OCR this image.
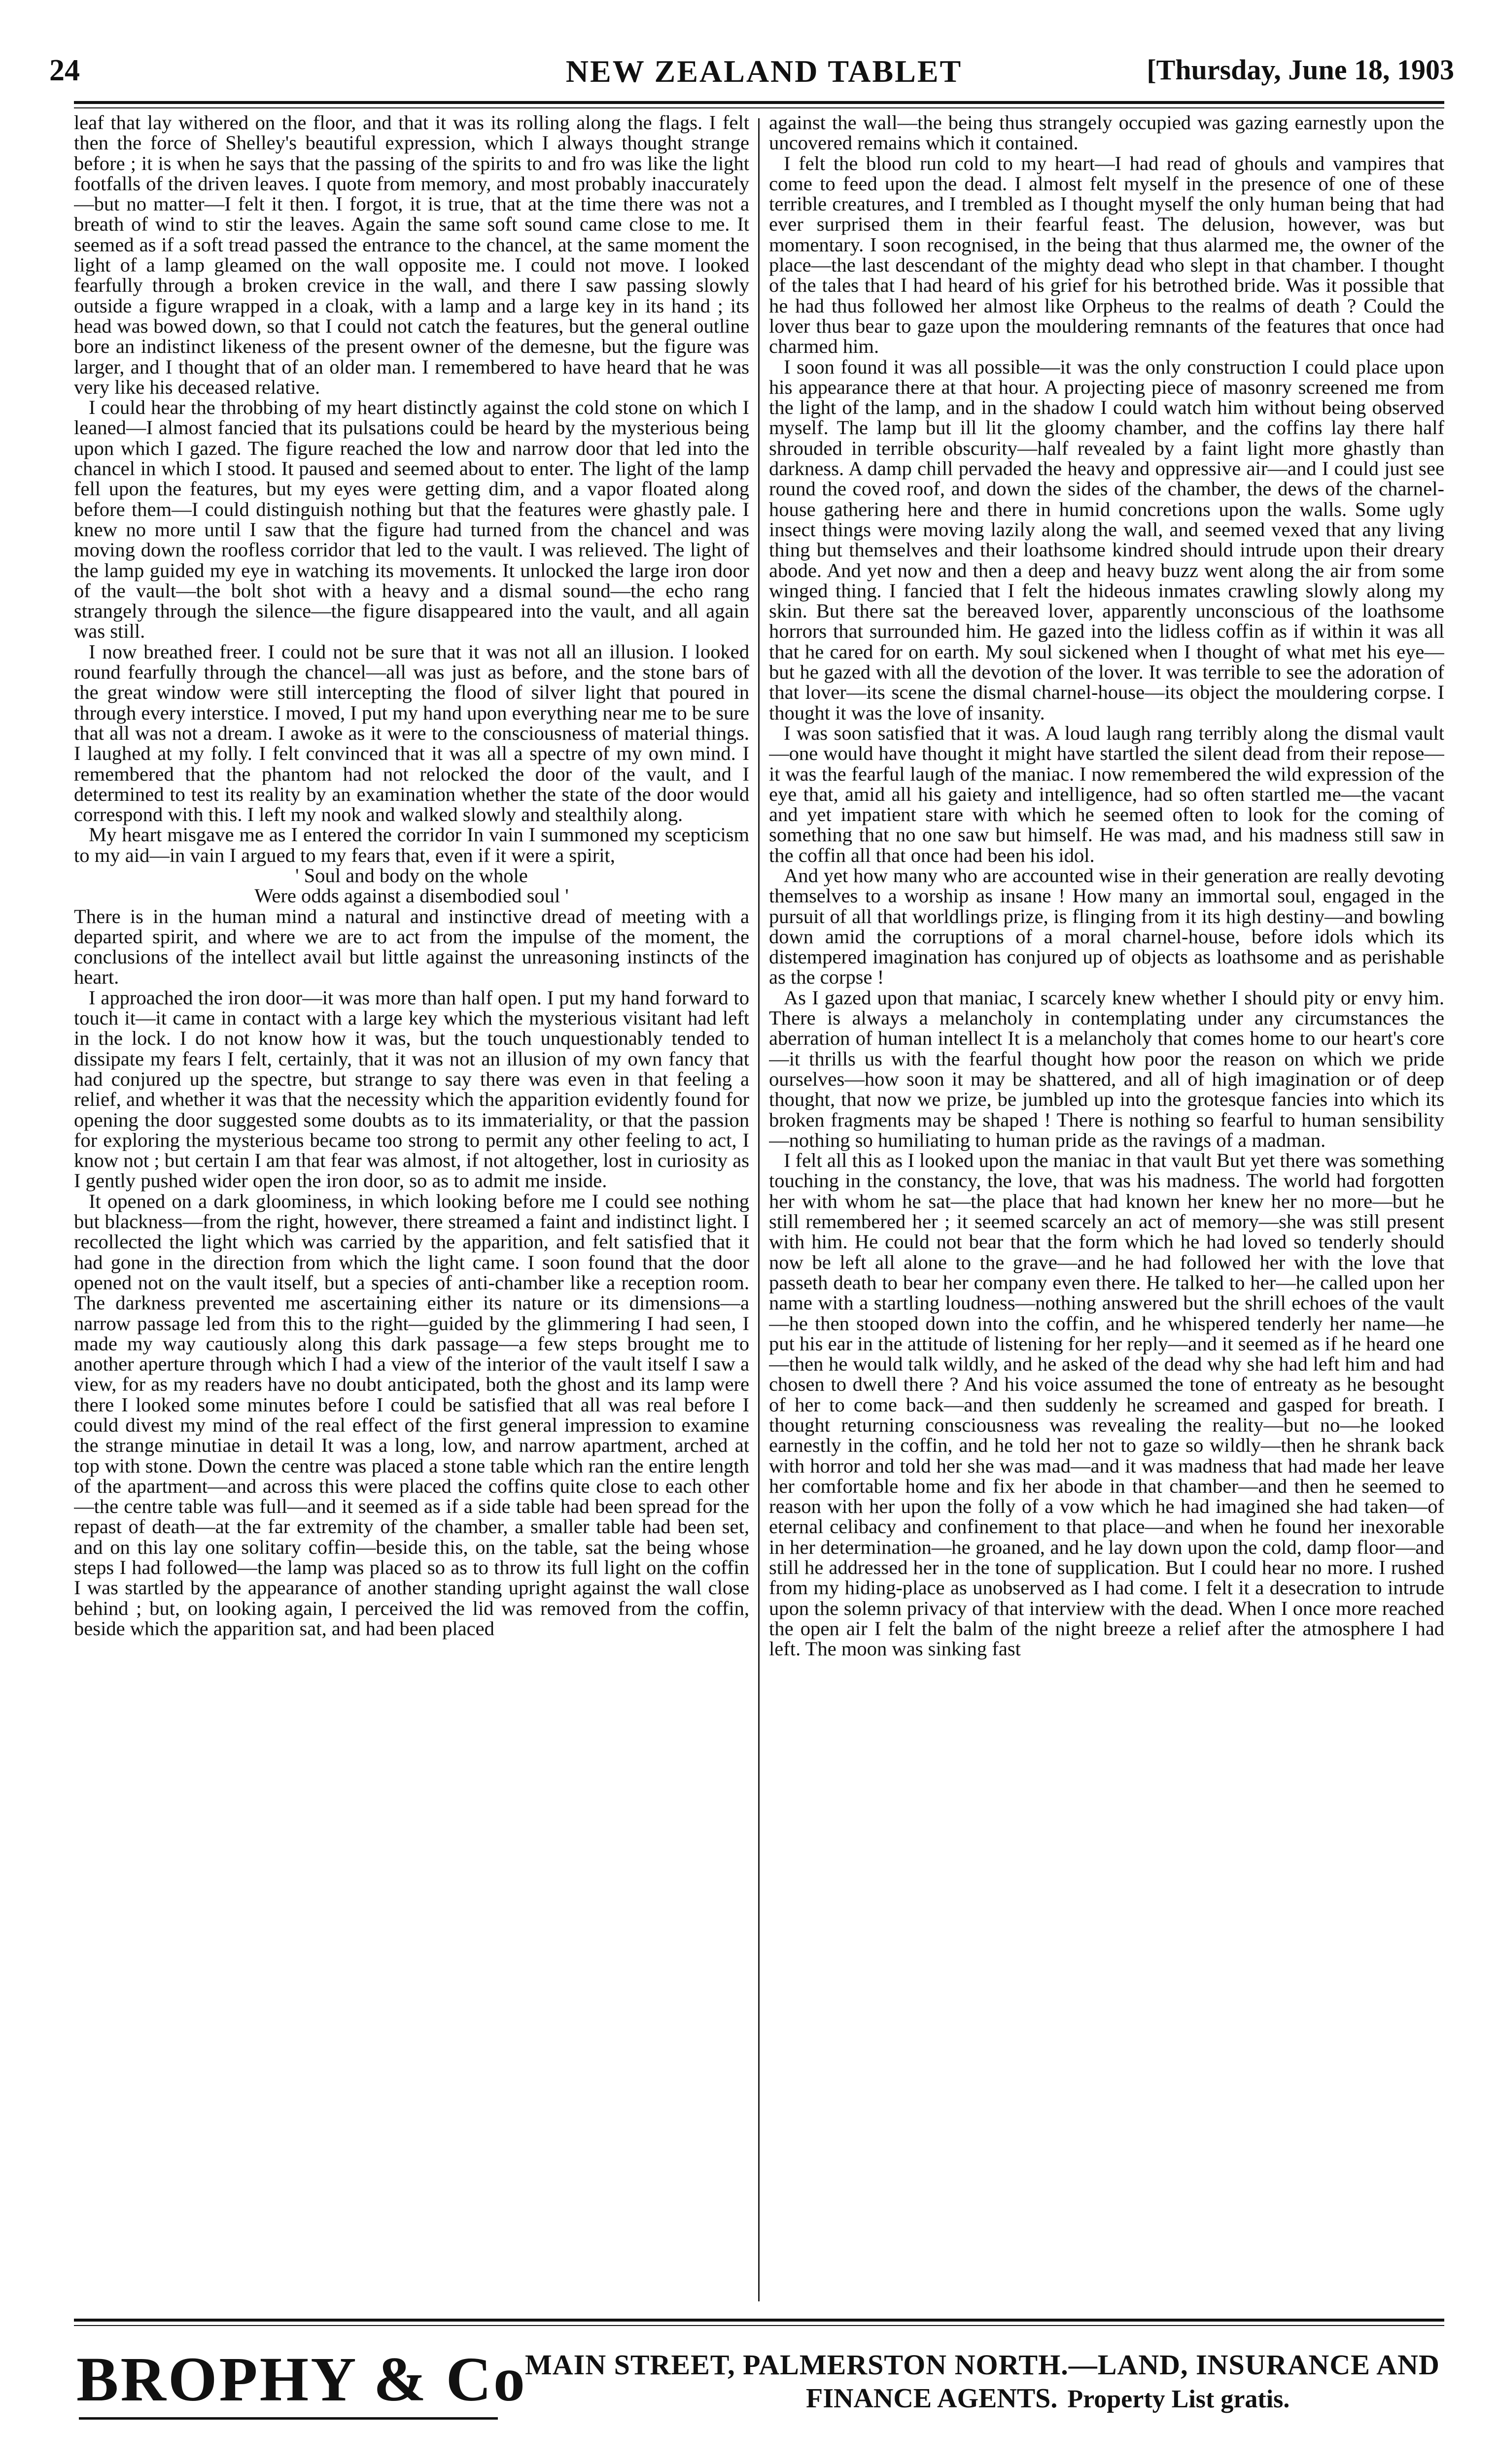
24	NEW ZEALAND TABLET	[Thursday, June 18, 1903

leaf that lay withered on the floor, and that it was its rolling along the flags. I felt then the force of Shelley's beautiful expression, which I always thought strange before ; it is when he says that the passing of the spirits to and fro was like the light footfalls of the driven leaves. I quote from memory, and most probably inaccurately—but no matter—I felt it then. I forgot, it is true, that at the time there was not a breath of wind to stir the leaves. Again the same soft sound came close to me. It seemed as if a soft tread passed the entrance to the chancel, at the same moment the light of a lamp gleamed on the wall opposite me. I could not move. I looked fearfully through a broken crevice in the wall, and there I saw passing slowly outside a figure wrapped in a cloak, with a lamp and a large key in its hand ; its head was bowed down, so that I could not catch the features, but the general outline bore an indistinct likeness of the present owner of the demesne, but the figure was larger, and I thought that of an older man. I remembered to have heard that he was very like his deceased relative.

I could hear the throbbing of my heart distinctly against the cold stone on which I leaned—I almost fancied that its pulsations could be heard by the mysterious being upon which I gazed. The figure reached the low and narrow door that led into the chancel in which I stood. It paused and seemed about to enter. The light of the lamp fell upon the features, but my eyes were getting dim, and a vapor floated along before them—I could distinguish nothing but that the features were ghastly pale. I knew no more until I saw that the figure had turned from the chancel and was moving down the roofless corridor that led to the vault. I was relieved. The light of the lamp guided my eye in watching its movements. It unlocked the large iron door of the vault—the bolt shot with a heavy and a dismal sound—the echo rang strangely through the silence—the figure disappeared into the vault, and all again was still.

I now breathed freer. I could not be sure that it was not all an illusion. I looked round fearfully through the chancel—all was just as before, and the stone bars of the great window were still intercepting the flood of silver light that poured in through every interstice. I moved, I put my hand upon everything near me to be sure that all was not a dream. I awoke as it were to the consciousness of material things. I laughed at my folly. I felt convinced that it was all a spectre of my own mind. I remembered that the phantom had not relocked the door of the vault, and I determined to test its reality by an examination whether the state of the door would correspond with this. I left my nook and walked slowly and stealthily along.

My heart misgave me as I entered the corridor In vain I summoned my scepticism to my aid—in vain I argued to my fears that, even if it were a spirit,

' Soul and body on the whole

Were odds against a disembodied soul '

There is in the human mind a natural and instinctive dread of meeting with a departed spirit, and where we are to act from the impulse of the moment, the conclusions of the intellect avail but little against the unreasoning instincts of the heart.

I approached the iron door—it was more than half open. I put my hand forward to touch it—it came in contact with a large key which the mysterious visitant had left in the lock. I do not know how it was, but the touch unquestionably tended to dissipate my fears I felt, certainly, that it was not an illusion of my own fancy that had conjured up the spectre, but strange to say there was even in that feeling a relief, and whether it was that the necessity which the apparition evidently found for opening the door suggested some doubts as to its immateriality, or that the passion for exploring the mysterious became too strong to permit any other feeling to act, I know not ; but certain I am that fear was almost, if not altogether, lost in curiosity as I gently pushed wider open the iron door, so as to admit me inside.

It opened on a dark gloominess, in which looking before me I could see nothing but blackness—from the right, however, there streamed a faint and indistinct light. I recollected the light which was carried by the apparition, and felt satisfied that it had gone in the direction from which the light came. I soon found that the door opened not on the vault itself, but a species of anti-chamber like a reception room. The darkness prevented me ascertaining either its nature or its dimensions—a narrow passage led from this to the right—guided by the glimmering I had seen, I made my way cautiously along this dark passage—a few steps brought me to another aperture through which I had a view of the interior of the vault itself I saw a view, for as my readers have no doubt anticipated, both the ghost and its lamp were there I looked some minutes before I could be satisfied that all was real before I could divest my mind of the real effect of the first general impression to examine the strange minutiae in detail It was a long, low, and narrow apartment, arched at top with stone. Down the centre was placed a stone table which ran the entire length of the apartment—and across this were placed the coffins quite close to each other—the centre table was full—and it seemed as if a side table had been spread for the repast of death—at the far extremity of the chamber, a smaller table had been set, and on this lay one solitary coffin—beside this, on the table, sat the being whose steps I had followed—the lamp was placed so as to throw its full light on the coffin I was startled by the appearance of another standing upright against the wall close behind ; but, on looking again, I perceived the lid was removed from the coffin, beside which the apparition sat, and had been placed

against the wall—the being thus strangely occupied was gazing earnestly upon the uncovered remains which it contained.

I felt the blood run cold to my heart—I had read of ghouls and vampires that come to feed upon the dead. I almost felt myself in the presence of one of these terrible creatures, and I trembled as I thought myself the only human being that had ever surprised them in their fearful feast. The delusion, however, was but momentary. I soon recognised, in the being that thus alarmed me, the owner of the place—the last descendant of the mighty dead who slept in that chamber. I thought of the tales that I had heard of his grief for his betrothed bride. Was it possible that he had thus followed her almost like Orpheus to the realms of death ? Could the lover thus bear to gaze upon the mouldering remnants of the features that once had charmed him.

I soon found it was all possible—it was the only construction I could place upon his appearance there at that hour. A projecting piece of masonry screened me from the light of the lamp, and in the shadow I could watch him without being observed myself. The lamp but ill lit the gloomy chamber, and the coffins lay there half shrouded in terrible obscurity—half revealed by a faint light more ghastly than darkness. A damp chill pervaded the heavy and oppressive air—and I could just see round the coved roof, and down the sides of the chamber, the dews of the charnel-house gathering here and there in humid concretions upon the walls. Some ugly insect things were moving lazily along the wall, and seemed vexed that any living thing but themselves and their loathsome kindred should intrude upon their dreary abode. And yet now and then a deep and heavy buzz went along the air from some winged thing. I fancied that I felt the hideous inmates crawling slowly along my skin. But there sat the bereaved lover, apparently unconscious of the loathsome horrors that surrounded him. He gazed into the lidless coffin as if within it was all that he cared for on earth. My soul sickened when I thought of what met his eye—but he gazed with all the devotion of the lover. It was terrible to see the adoration of that lover—its scene the dismal charnel-house—its object the mouldering corpse. I thought it was the love of insanity.

I was soon satisfied that it was. A loud laugh rang terribly along the dismal vault—one would have thought it might have startled the silent dead from their repose—it was the fearful laugh of the maniac. I now remembered the wild expression of the eye that, amid all his gaiety and intelligence, had so often startled me—the vacant and yet impatient stare with which he seemed often to look for the coming of something that no one saw but himself. He was mad, and his madness still saw in the coffin all that once had been his idol.

And yet how many who are accounted wise in their generation are really devoting themselves to a worship as insane ! How many an immortal soul, engaged in the pursuit of all that worldlings prize, is flinging from it its high destiny—and bowling down amid the corruptions of a moral charnel-house, before idols which its distempered imagination has conjured up of objects as loathsome and as perishable as the corpse !

As I gazed upon that maniac, I scarcely knew whether I should pity or envy him. There is always a melancholy in contemplating under any circumstances the aberration of human intellect It is a melancholy that comes home to our heart's core—it thrills us with the fearful thought how poor the reason on which we pride ourselves—how soon it may be shattered, and all of high imagination or of deep thought, that now we prize, be jumbled up into the grotesque fancies into which its broken fragments may be shaped ! There is nothing so fearful to human sensibility—nothing so humiliating to human pride as the ravings of a madman.

I felt all this as I looked upon the maniac in that vault But yet there was something touching in the constancy, the love, that was his madness. The world had forgotten her with whom he sat—the place that had known her knew her no more—but he still remembered her ; it seemed scarcely an act of memory—she was still present with him. He could not bear that the form which he had loved so tenderly should now be left all alone to the grave—and he had followed her with the love that passeth death to bear her company even there. He talked to her—he called upon her name with a startling loudness—nothing answered but the shrill echoes of the vault—he then stooped down into the coffin, and he whispered tenderly her name—he put his ear in the attitude of listening for her reply—and it seemed as if he heard one—then he would talk wildly, and he asked of the dead why she had left him and had chosen to dwell there ? And his voice assumed the tone of entreaty as he besought of her to come back—and then suddenly he screamed and gasped for breath. I thought returning consciousness was revealing the reality—but no—he looked earnestly in the coffin, and he told her not to gaze so wildly—then he shrank back with horror and told her she was mad—and it was madness that had made her leave her comfortable home and fix her abode in that chamber—and then he seemed to reason with her upon the folly of a vow which he had imagined she had taken—of eternal celibacy and confinement to that place—and when he found her inexorable in her determination—he groaned, and he lay down upon the cold, damp floor—and still he addressed her in the tone of supplication. But I could hear no more. I rushed from my hiding-place as unobserved as I had come. I felt it a desecration to intrude upon the solemn privacy of that interview with the dead. When I once more reached the open air I felt the balm of the night breeze a relief after the atmosphere I had left. The moon was sinking fast

BROPHY & Co
MAIN STREET, PALMERSTON NORTH.—LAND, INSURANCE AND
FINANCE AGENTS. Property List gratis.
